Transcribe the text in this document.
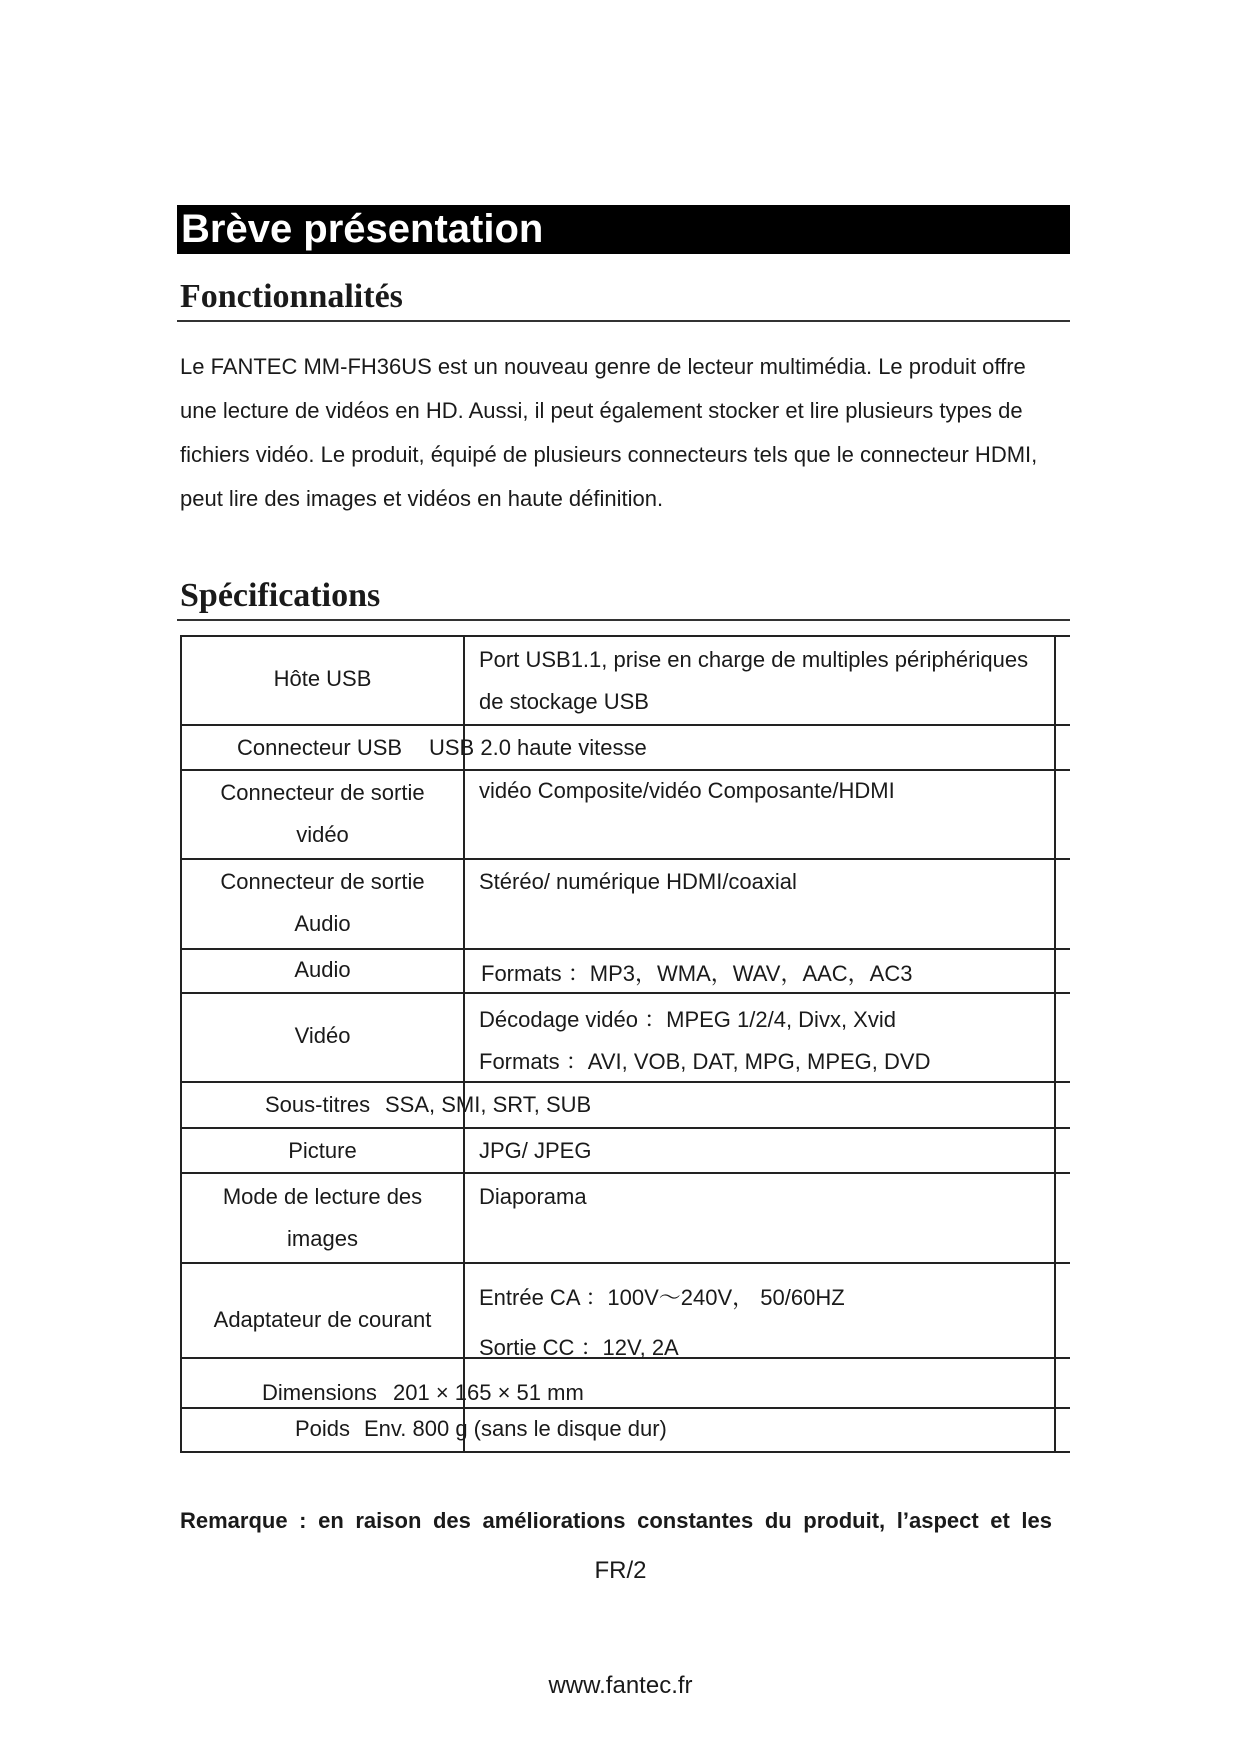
Brève présentation
Fonctionnalités
Le FANTEC MM-FH36US est un nouveau genre de lecteur multimédia. Le produit offre
une lecture de vidéos en HD. Aussi, il peut également stocker et lire plusieurs types de
fichiers vidéo. Le produit, équipé de plusieurs connecteurs tels que le connecteur HDMI,
peut lire des images et vidéos en haute définition.
Spécifications
Hôte USB
Port USB1.1, prise en charge de multiples périphériques
de stockage USB
Connecteur USB USB 2.0 haute vitesse
Connecteur de sortie
vidéo
vidéo Composite/vidéo Composante/HDMI
Connecteur de sortie
Audio
Stéréo/ numérique HDMI/coaxial
Audio	Formats ：MP3，WMA，WAV，AAC，AC3
Vidéo
Décodage vidéo ：MPEG 1/2/4, Divx, Xvid
Formats ：AVI, VOB, DAT, MPG, MPEG, DVD
Sous-titres SSA, SMI, SRT, SUB
Picture	JPG/ JPEG
Mode de lecture des
images
Diaporama
Adaptateur de courant
Entrée CA ：100V～240V， 50/60HZ
Sortie CC ：12V, 2A
Dimensions 201 × 165 × 51 mm
Poids Env. 800 g (sans le disque dur)
Remarque : en raison des améliorations constantes du produit, l’aspect et les
FR/2
www.fantec.fr
